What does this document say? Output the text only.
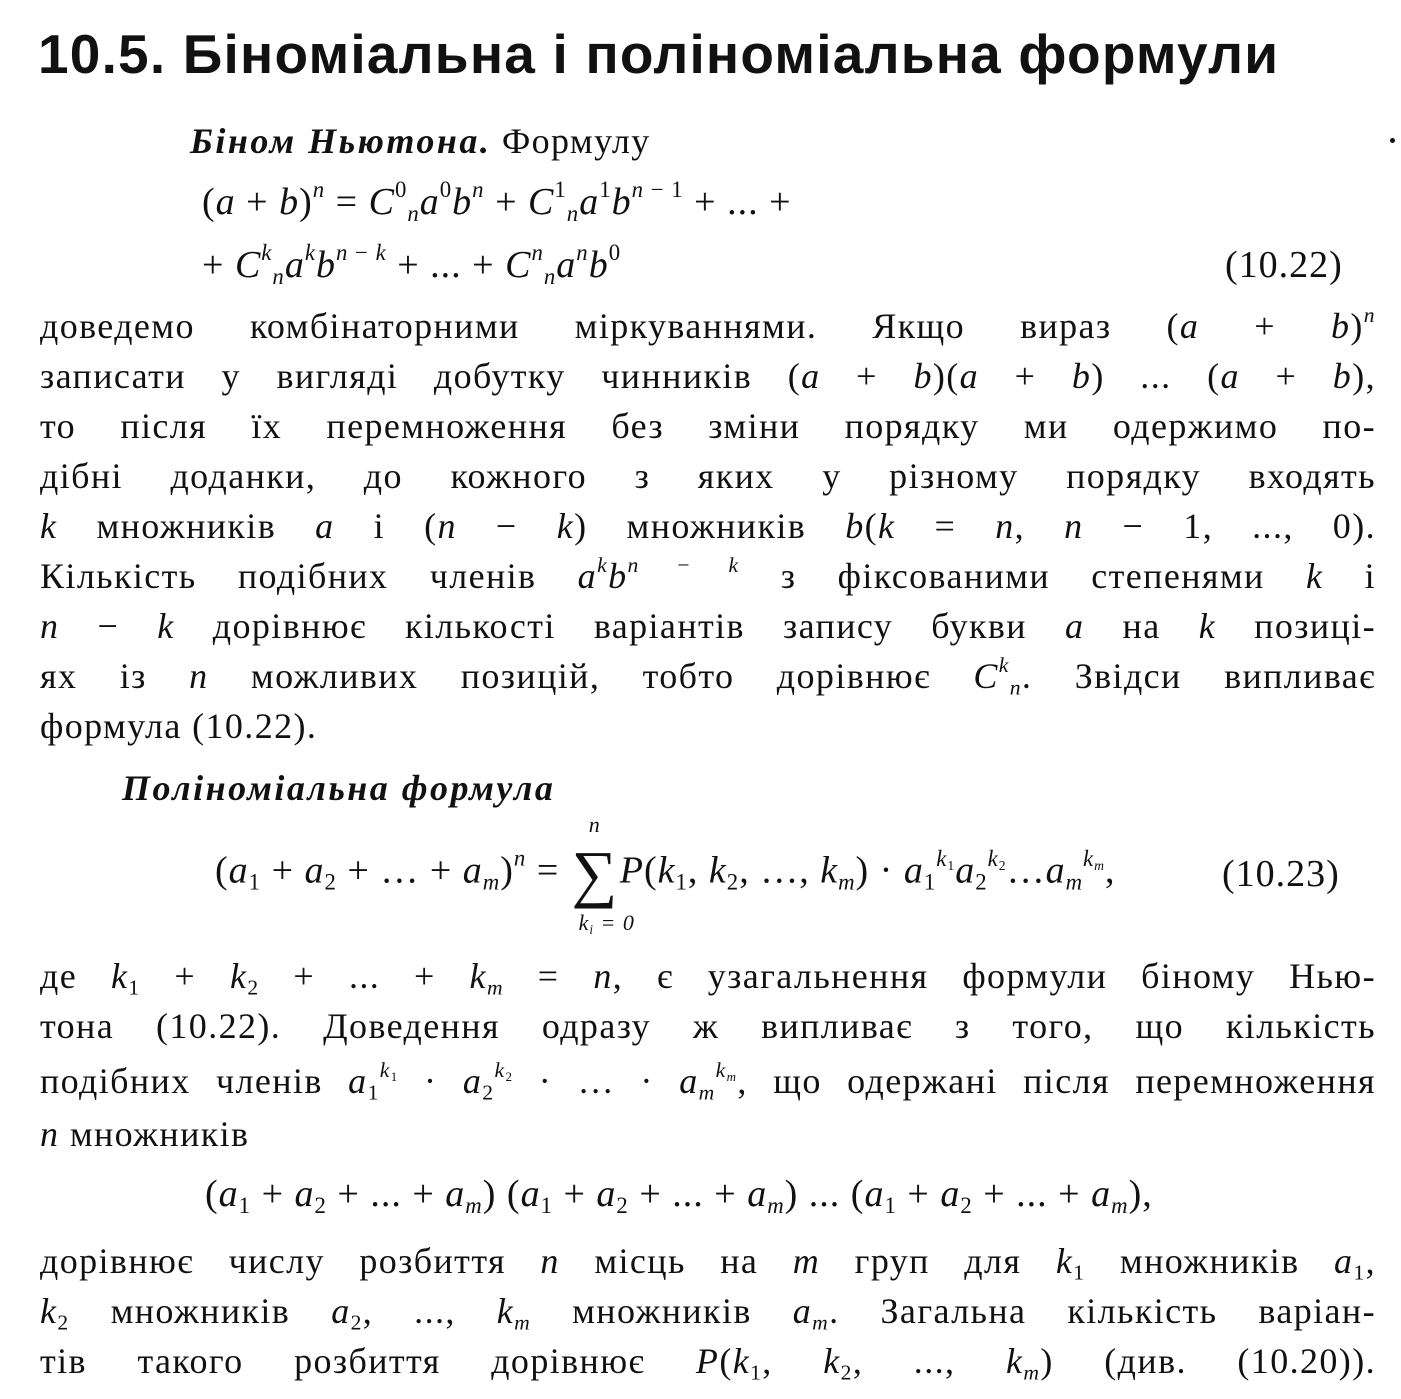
10.5. Біноміальна і поліноміальна формули
Біном Ньютона. Формулу
$(a + b)^n = C^0_na^0b^n + C^1_na^1b^{n - 1}$ + ... +
+ $C^k_na^kb^{n - k}$ + ... + $C^n_na^nb^0$	(10.22)
доведемо комбінаторними міркуваннями. Якщо вираз $(a + b)^n$
записати у вигляді добутку чинників (a + b)(a + b) ... (a + b),
то після їх перемноження без зміни порядку ми одержимо по-
дібні доданки, до кожного з яких у різному порядку входять
k множників a і (n − k) множників b(k = n, n − 1, ..., 0).
Кількість подібних членів $a^kb^{n - k}$ з фіксованими степенями k і
n − k дорівнює кількості варіантів запису букви a на k позиці-
ях із n можливих позицій, тобто дорівнює $C^k_n$. Звідси випливає
формула (10.22).
Поліноміальна формула
($a_1 + a_2$ + … + $a_m)^n$ =
n
∑
$k_i = 0$
$P(k_1$, $k_2$, …, $k_m$) · $a_1^{k_1}a_2^{k_2}\dots a_m^{k_m}$,	(10.23)
де $k_1 + k_2$ + ... + $k_m = n$, є узагальнення формули біному Нью-
тона (10.22). Доведення одразу ж випливає з того, що кількість
подібних членів $a_1^{k_1} \cdot a_2^{k_2}$ · … · $a_m^{k_m}$, що одержані після перемноження
n множників
($a_1 + a_2$ + ... + $a_m$) ($a_1 + a_2$ + ... + $a_m$) ... ($a_1 + a_2$ + ... + $a_m$),
дорівнює числу розбиття n місць на m груп для $k_1$ множників $a_1$,
$k_2$ множників $a_2$, ..., $k_m$ множників $a_m$. Загальна кількість варіан-
тів такого розбиття дорівнює $P(k_1$, $k_2$, ..., $k_m$) (див. (10.20)).
